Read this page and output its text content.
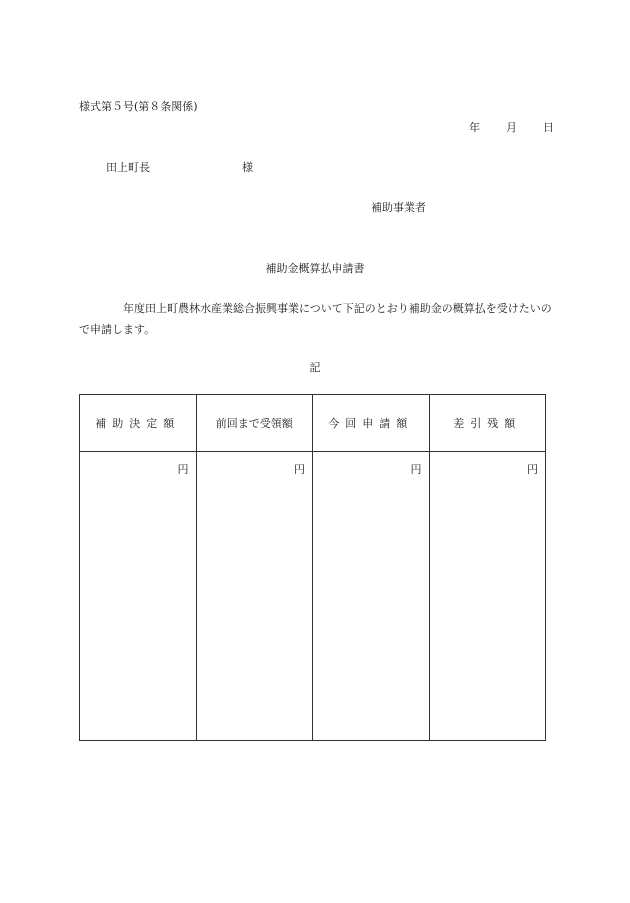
様式第５号(第８条関係)
年 月 日
田上町長	様
補助事業者
補助金概算払申請書
年度田上町農林水産業総合振興事業について下記のとおり補助金の概算払を受けたいので申請します。
記
補助決定額	前回まで受領額	今回申請額	差引残額
円	円	円	円
